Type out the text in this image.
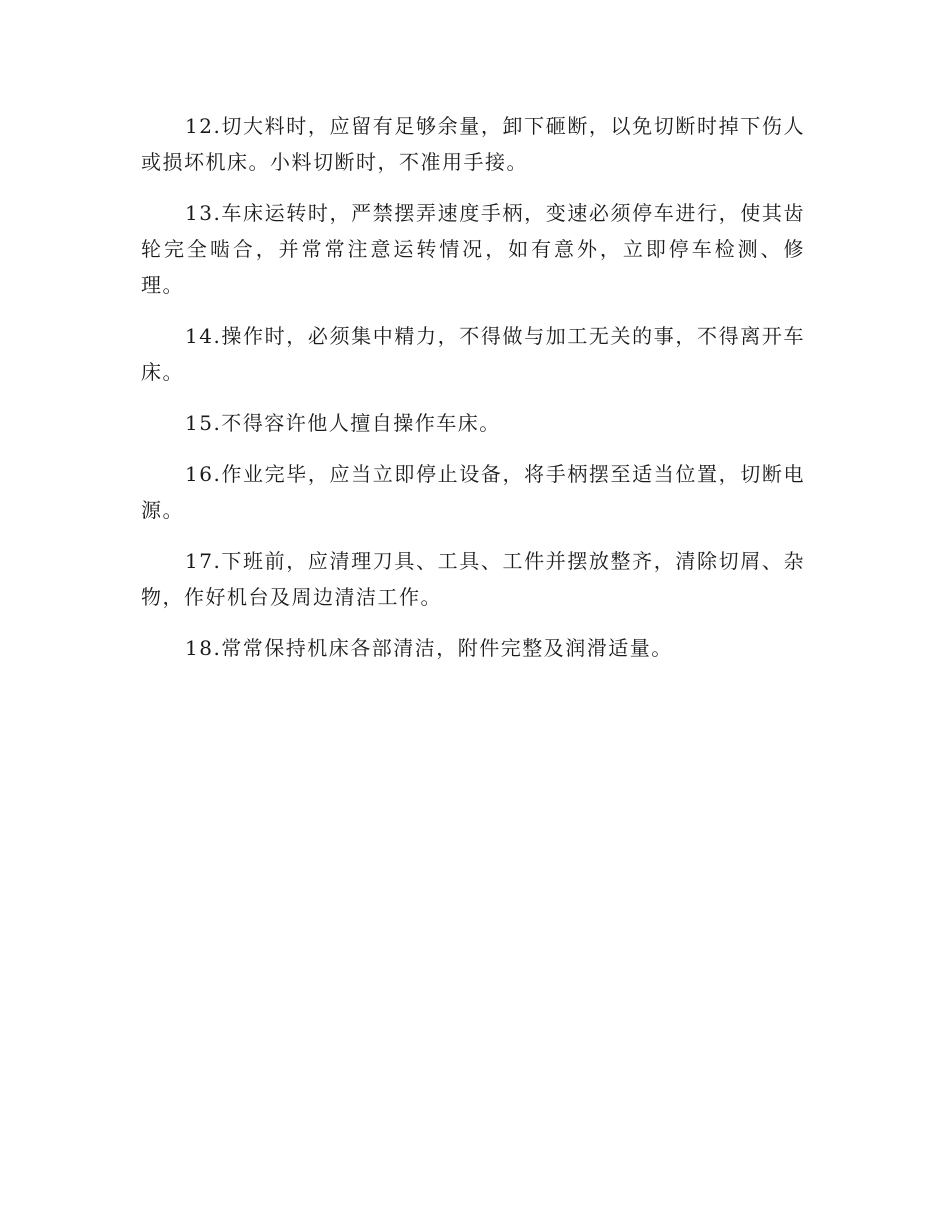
12.切大料时，应留有足够余量，卸下砸断，以免切断时掉下伤人或损坏机床。小料切断时，不准用手接。

13.车床运转时，严禁摆弄速度手柄，变速必须停车进行，使其齿轮完全啮合，并常常注意运转情况，如有意外，立即停车检测、修理。

14.操作时，必须集中精力，不得做与加工无关的事，不得离开车床。

15.不得容许他人擅自操作车床。

16.作业完毕，应当立即停止设备，将手柄摆至适当位置，切断电源。

17.下班前，应清理刀具、工具、工件并摆放整齐，清除切屑、杂物，作好机台及周边清洁工作。

18.常常保持机床各部清洁，附件完整及润滑适量。
